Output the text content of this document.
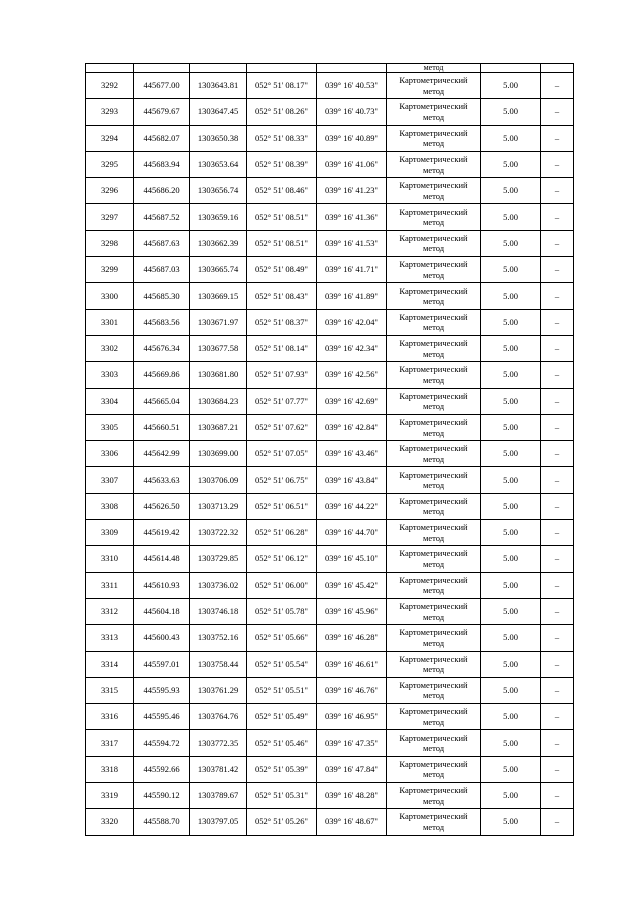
					метод		
3292	445677.00	1303643.81	052° 51' 08.17"	039° 16' 40.53"	Картометрический
метод	5.00	–
3293	445679.67	1303647.45	052° 51' 08.26"	039° 16' 40.73"	Картометрический
метод	5.00	–
3294	445682.07	1303650.38	052° 51' 08.33"	039° 16' 40.89"	Картометрический
метод	5.00	–
3295	445683.94	1303653.64	052° 51' 08.39"	039° 16' 41.06"	Картометрический
метод	5.00	–
3296	445686.20	1303656.74	052° 51' 08.46"	039° 16' 41.23"	Картометрический
метод	5.00	–
3297	445687.52	1303659.16	052° 51' 08.51"	039° 16' 41.36"	Картометрический
метод	5.00	–
3298	445687.63	1303662.39	052° 51' 08.51"	039° 16' 41.53"	Картометрический
метод	5.00	–
3299	445687.03	1303665.74	052° 51' 08.49"	039° 16' 41.71"	Картометрический
метод	5.00	–
3300	445685.30	1303669.15	052° 51' 08.43"	039° 16' 41.89"	Картометрический
метод	5.00	–
3301	445683.56	1303671.97	052° 51' 08.37"	039° 16' 42.04"	Картометрический
метод	5.00	–
3302	445676.34	1303677.58	052° 51' 08.14"	039° 16' 42.34"	Картометрический
метод	5.00	–
3303	445669.86	1303681.80	052° 51' 07.93"	039° 16' 42.56"	Картометрический
метод	5.00	–
3304	445665.04	1303684.23	052° 51' 07.77"	039° 16' 42.69"	Картометрический
метод	5.00	–
3305	445660.51	1303687.21	052° 51' 07.62"	039° 16' 42.84"	Картометрический
метод	5.00	–
3306	445642.99	1303699.00	052° 51' 07.05"	039° 16' 43.46"	Картометрический
метод	5.00	–
3307	445633.63	1303706.09	052° 51' 06.75"	039° 16' 43.84"	Картометрический
метод	5.00	–
3308	445626.50	1303713.29	052° 51' 06.51"	039° 16' 44.22"	Картометрический
метод	5.00	–
3309	445619.42	1303722.32	052° 51' 06.28"	039° 16' 44.70"	Картометрический
метод	5.00	–
3310	445614.48	1303729.85	052° 51' 06.12"	039° 16' 45.10"	Картометрический
метод	5.00	–
3311	445610.93	1303736.02	052° 51' 06.00"	039° 16' 45.42"	Картометрический
метод	5.00	–
3312	445604.18	1303746.18	052° 51' 05.78"	039° 16' 45.96"	Картометрический
метод	5.00	–
3313	445600.43	1303752.16	052° 51' 05.66"	039° 16' 46.28"	Картометрический
метод	5.00	–
3314	445597.01	1303758.44	052° 51' 05.54"	039° 16' 46.61"	Картометрический
метод	5.00	–
3315	445595.93	1303761.29	052° 51' 05.51"	039° 16' 46.76"	Картометрический
метод	5.00	–
3316	445595.46	1303764.76	052° 51' 05.49"	039° 16' 46.95"	Картометрический
метод	5.00	–
3317	445594.72	1303772.35	052° 51' 05.46"	039° 16' 47.35"	Картометрический
метод	5.00	–
3318	445592.66	1303781.42	052° 51' 05.39"	039° 16' 47.84"	Картометрический
метод	5.00	–
3319	445590.12	1303789.67	052° 51' 05.31"	039° 16' 48.28"	Картометрический
метод	5.00	–
3320	445588.70	1303797.05	052° 51' 05.26"	039° 16' 48.67"	Картометрический
метод	5.00	–
